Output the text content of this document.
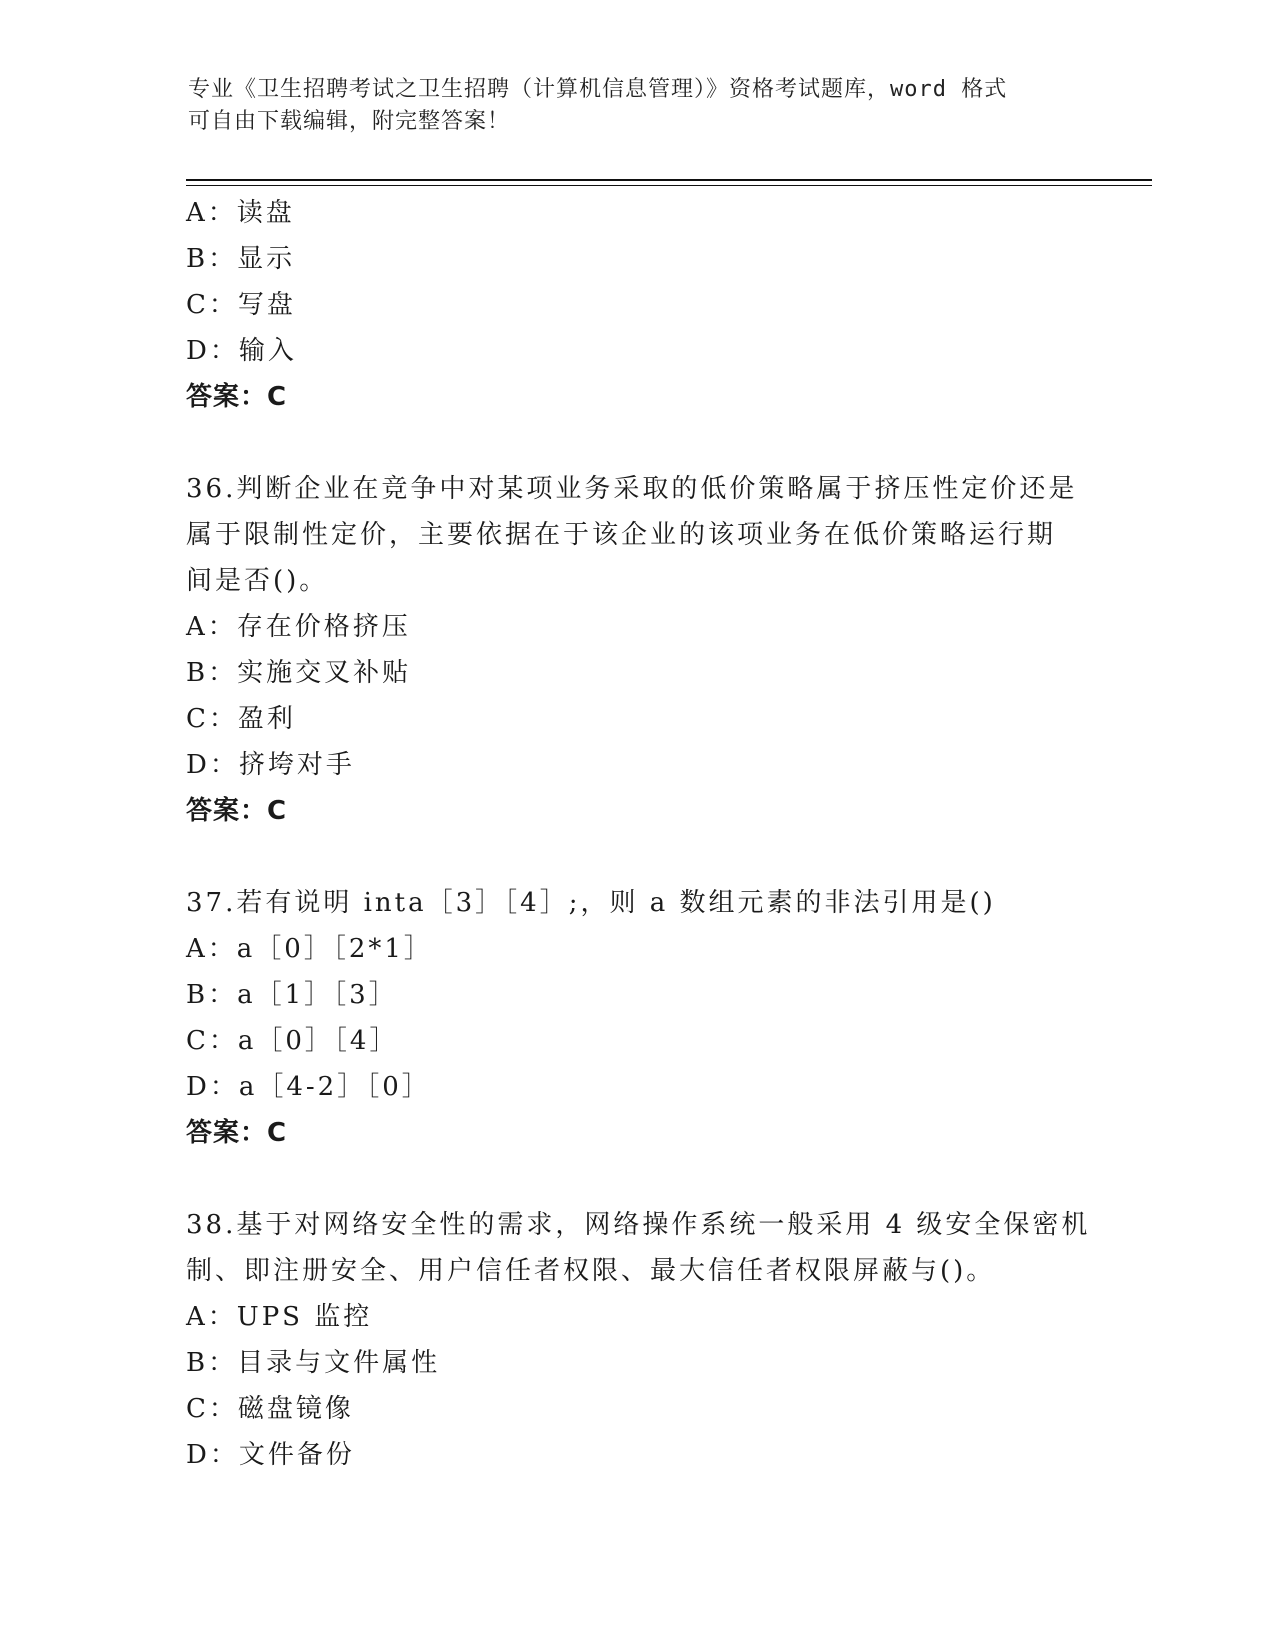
专业《卫生招聘考试之卫生招聘（计算机信息管理）》资格考试题库，word 格式
可自由下载编辑，附完整答案！
A：读盘
B：显示
C：写盘
D：输入
答案：C
36.判断企业在竞争中对某项业务采取的低价策略属于挤压性定价还是
属于限制性定价，主要依据在于该企业的该项业务在低价策略运行期
间是否()。
A：存在价格挤压
B：实施交叉补贴
C：盈利
D：挤垮对手
答案：C
37.若有说明 inta［3］［4］;，则 a 数组元素的非法引用是()
A：a［0］［2*1］
B：a［1］［3］
C：a［0］［4］
D：a［4-2］［0］
答案：C
38.基于对网络安全性的需求，网络操作系统一般采用 4 级安全保密机
制、即注册安全、用户信任者权限、最大信任者权限屏蔽与()。
A：UPS 监控
B：目录与文件属性
C：磁盘镜像
D：文件备份
